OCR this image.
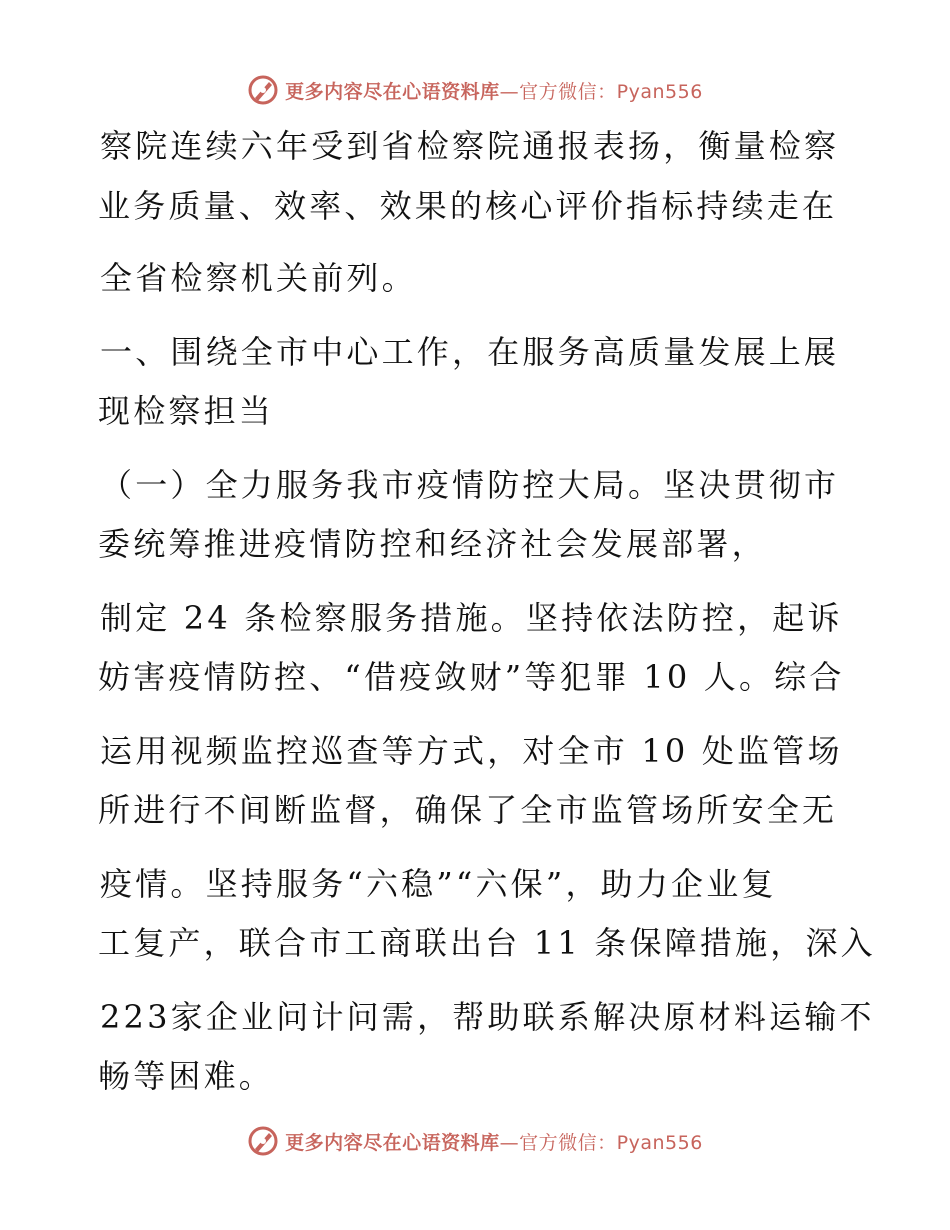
更多内容尽在心语资料库 —官方微信：Pyan556
察院连续六年受到省检察院通报表扬，衡量检察
业务质量、效率、效果的核心评价指标持续走在
全省检察机关前列。
一、围绕全市中心工作，在服务高质量发展上展
现检察担当
（一）全力服务我市疫情防控大局。坚决贯彻市
委统筹推进疫情防控和经济社会发展部署，
制定 24 条检察服务措施。坚持依法防控，起诉
妨害疫情防控、“借疫敛财”等犯罪 10 人。综合
运用视频监控巡查等方式，对全市 10 处监管场
所进行不间断监督，确保了全市监管场所安全无
疫情。坚持服务“六稳”“六保”，助力企业复
工复产，联合市工商联出台 11 条保障措施，深入
223家企业问计问需，帮助联系解决原材料运输不
畅等困难。
更多内容尽在心语资料库 —官方微信：Pyan556
